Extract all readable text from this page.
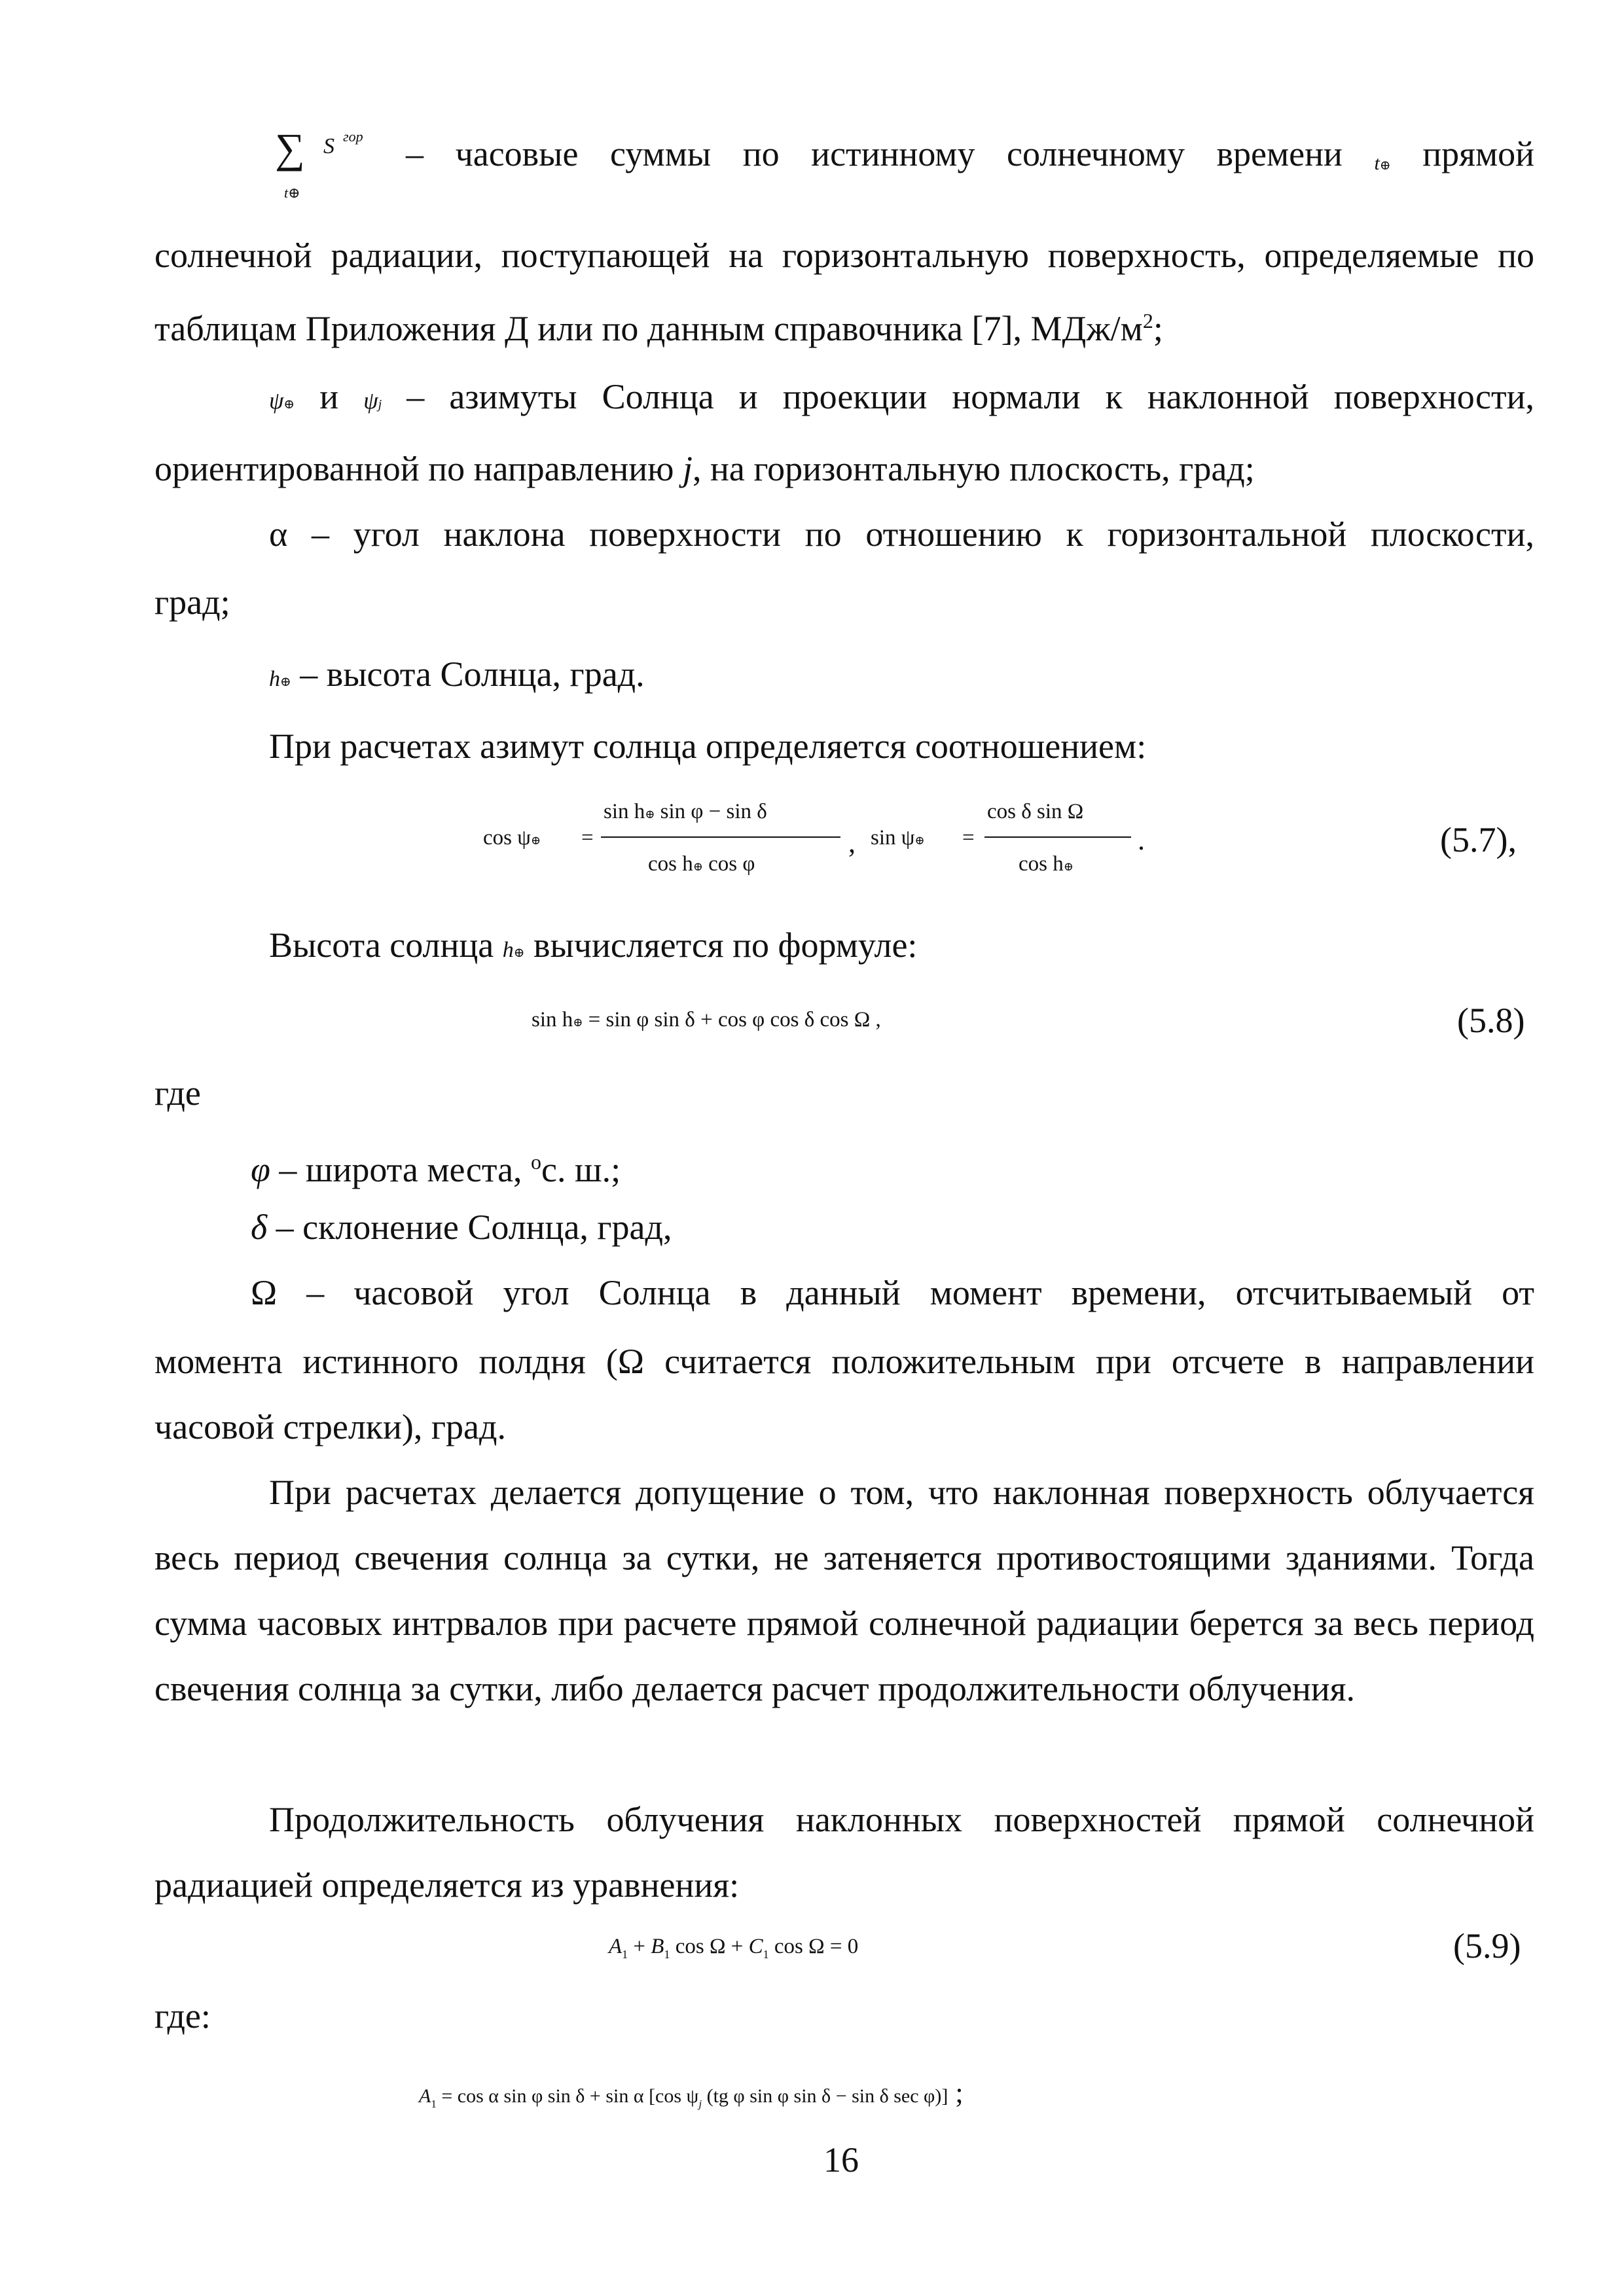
∑ S гор
t⊕
– часовые суммы по истинному солнечному времени t⊕ прямой

солнечной радиации, поступающей на горизонтальную поверхность, определяемые по таблицам Приложения Д или по данным справочника [7], МДж/$м^2$;

ψ⊕ и ψj – азимуты Солнца и проекции нормали к наклонной поверхности,
ориентированной по направлению j, на горизонтальную плоскость, град;
α – угол наклона поверхности по отношению к горизонтальной плоскости,
град;
h⊕ – высота Солнца, град.
При расчетах азимут солнца определяется соотношением:
cos ψ⊕ =
sin h⊕ sin φ − sin δ
cos h⊕ cos φ
, sin ψ⊕ =
cos δ sin Ω
cos h⊕
.	(5.7),
Высота солнца h⊕ вычисляется по формуле:
sin h⊕ = sin φ sin δ + cos φ cos δ cos Ω ,	(5.8)
где
φ – широта места, $^о$с. ш.;
δ – склонение Солнца, град,
Ω – часовой угол Солнца в данный момент времени, отсчитываемый от

момента истинного полдня (Ω считается положительным при отсчете в направлении часовой стрелки), град.

При расчетах делается допущение о том, что наклонная поверхность облучается весь период свечения солнца за сутки, не затеняется противостоящими зданиями. Тогда сумма часовых интрвалов при расчете прямой солнечной радиации берется за весь период свечения солнца за сутки, либо делается расчет продолжительности облучения.

Продолжительность облучения наклонных поверхностей прямой солнечной радиацией определяется из уравнения:

$A_1 + B_1$ $\cos \Omega + C_1$ cos Ω = 0	(5.9)
где:
$A_1 = \cos \alpha$ sin φ sin δ + sin α [cos $\psi_j$ (tg φ sin φ sin δ − sin δ sec φ)] ;
16
